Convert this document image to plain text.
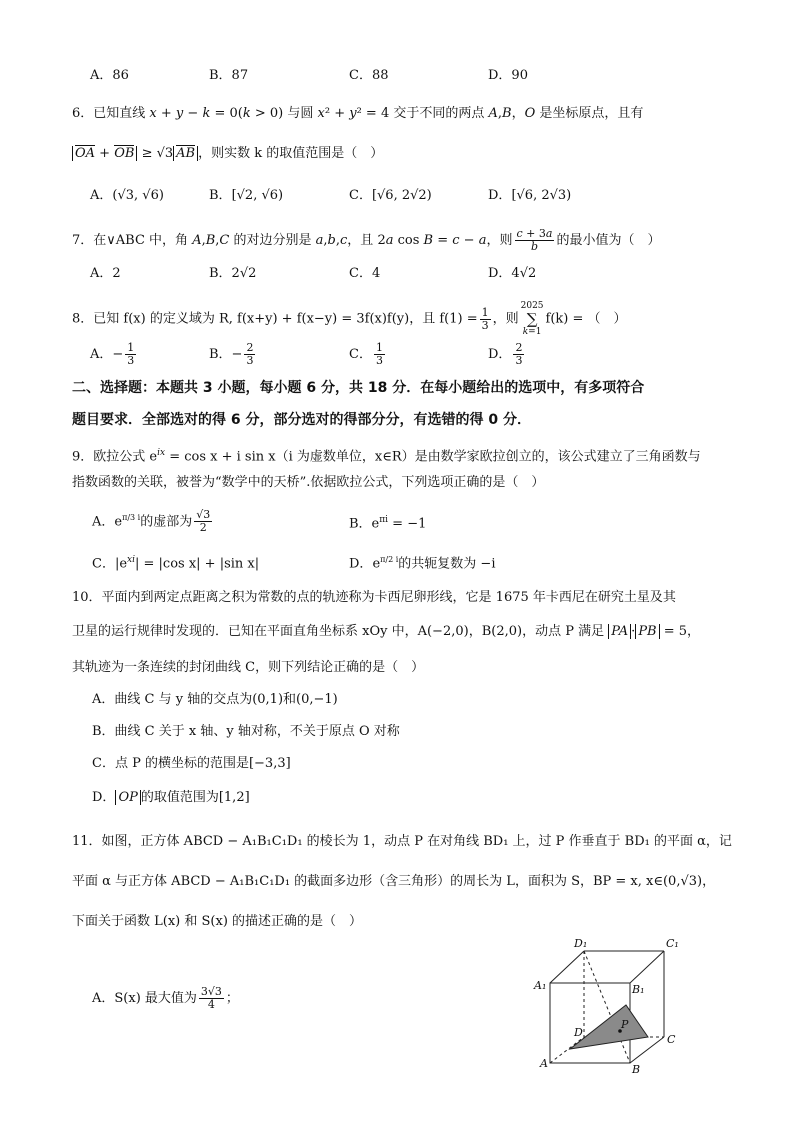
A．86	B．87	C．88	D．90
6．已知直线 x + y − k = 0(k > 0) 与圆 x² + y² = 4 交于不同的两点 A,B，O 是坐标原点，且有
OA + OB ≥ √3 AB ，则实数 k 的取值范围是（　）
A．(√3, √6)	B．[√2, √6)	C．[√6, 2√2)	D．[√6, 2√3)
7．在∨ABC 中，角 A,B,C 的对边分别是 a,b,c，且 2a cos B = c − a，则 $\frac{c + 3a}{b}$ 的最小值为（　）
A．2	B．2√2	C．4	D．4√2
8．已知 f(x) 的定义域为 R, f(x+y) + f(x−y) = 3f(x)f(y)，且 $f(1) = \frac{1}{3}$ ，则
2025
∑
k=1
f(k) = （　）
A．− $\frac{1}{3}$	B．− $\frac{2}{3}$	C． $\frac{1}{3}$	D． $\frac{2}{3}$
二、选择题：本题共 3 小题，每小题 6 分，共 18 分．在每小题给出的选项中，有多项符合
题目要求．全部选对的得 6 分，部分选对的得部分分，有选错的得 0 分．
9．欧拉公式 $e^{ix} = \cos x + i$ sin x（i 为虚数单位，x∈R）是由数学家欧拉创立的，该公式建立了三角函数与
指数函数的关联，被誉为“数学中的天桥”.依据欧拉公式，下列选项正确的是（　）
A．$e^{\pi/3 i}$的虚部为 $\frac{√3}{2}$	B．$e^{\pi i} = -1$
C．$|e^{xi}| = |\cos$ x| + |sin x|	D．$e^{\pi/2 i}$的共轭复数为 −i
10．平面内到两定点距离之积为常数的点的轨迹称为卡西尼卵形线，它是 1675 年卡西尼在研究土星及其
卫星的运行规律时发现的．已知在平面直角坐标系 xOy 中，A(−2,0)，B(2,0)，动点 P 满足 PA · PB = 5，
其轨迹为一条连续的封闭曲线 C，则下列结论正确的是（　）
A．曲线 C 与 y 轴的交点为(0,1)和(0,−1)
B．曲线 C 关于 x 轴、y 轴对称，不关于原点 O 对称
C．点 P 的横坐标的范围是[−3,3]
D． OP 的取值范围为[1,2]
11．如图，正方体 ABCD − A₁B₁C₁D₁ 的棱长为 1，动点 P 在对角线 BD₁ 上，过 P 作垂直于 BD₁ 的平面 α，记
平面 α 与正方体 ABCD − A₁B₁C₁D₁ 的截面多边形（含三角形）的周长为 L，面积为 S，BP = x, x∈(0,√3)，
下面关于函数 L(x) 和 S(x) 的描述正确的是（　）
A．S(x) 最大值为 $\frac{3√3}{4}$ ；
D₁	C₁
A₁	B₁
D
P
C
A	B
